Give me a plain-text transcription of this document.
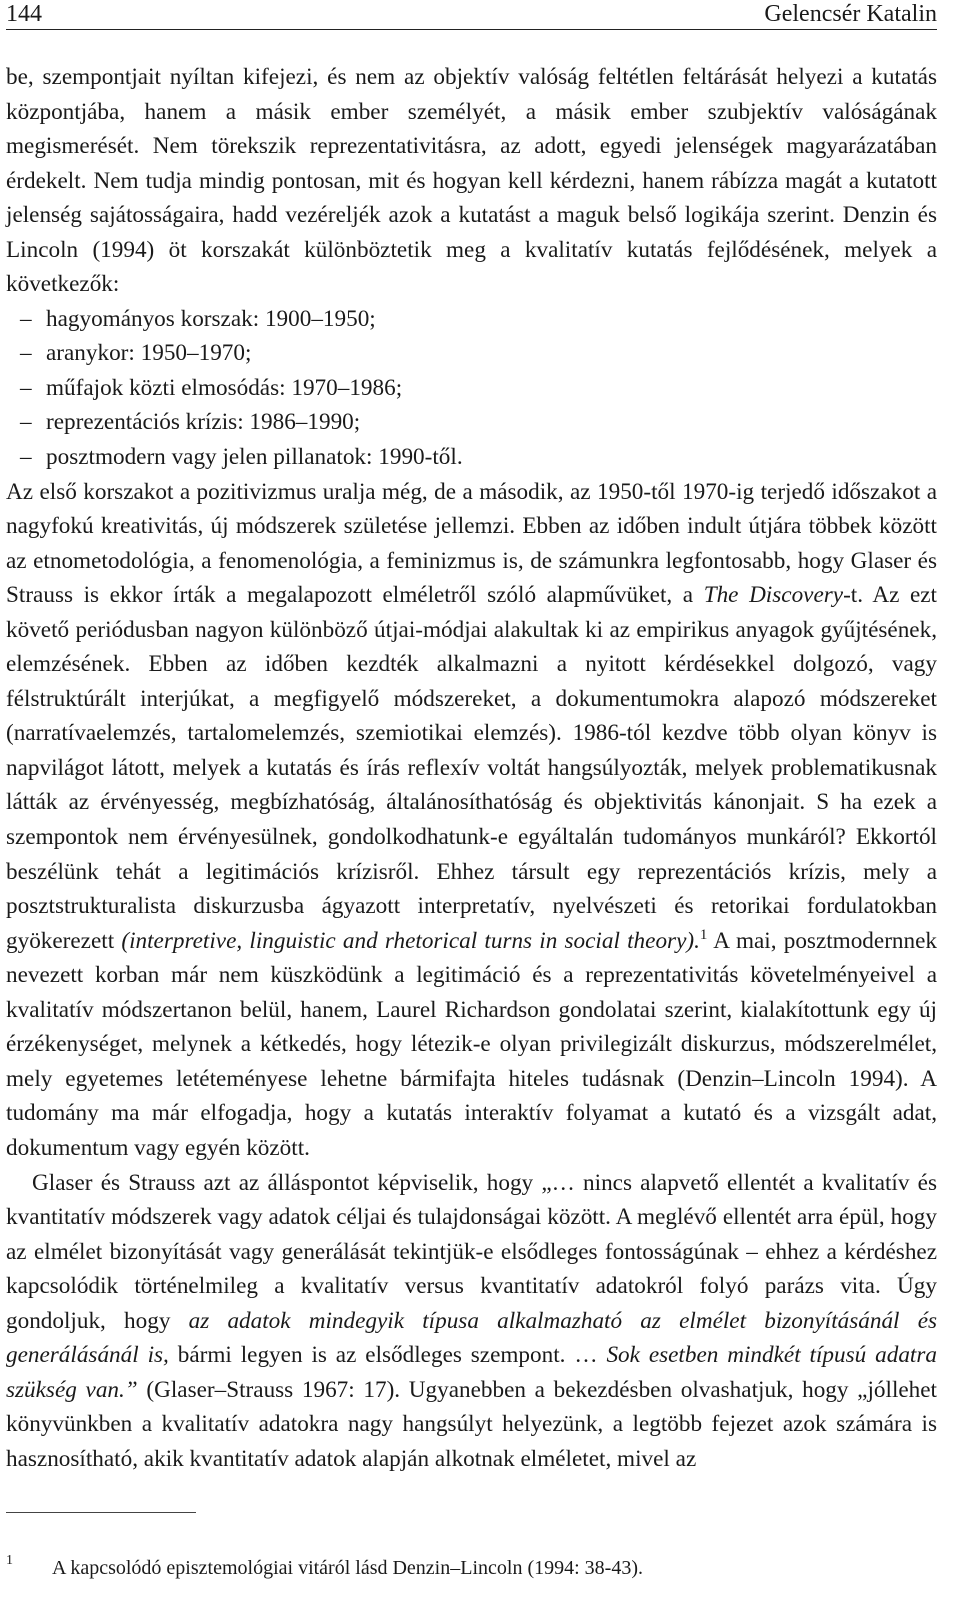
144	Gelencsér Katalin

be, szempontjait nyíltan kifejezi, és nem az objektív valóság feltétlen feltárását helyezi a kutatás központjába, hanem a másik ember személyét, a másik ember szubjektív valóságának megismerését. Nem törekszik reprezentativitásra, az adott, egyedi jelenségek magyarázatában érdekelt. Nem tudja mindig pontosan, mit és hogyan kell kérdezni, hanem rábízza magát a kutatott jelenség sajátosságaira, hadd vezéreljék azok a kutatást a maguk belső logikája szerint. Denzin és Lincoln (1994) öt korszakát különböztetik meg a kvalitatív kutatás fejlődésének, melyek a következők:

– hagyományos korszak: 1900–1950;
– aranykor: 1950–1970;
– műfajok közti elmosódás: 1970–1986;
– reprezentációs krízis: 1986–1990;
– posztmodern vagy jelen pillanatok: 1990-től.

Az első korszakot a pozitivizmus uralja még, de a második, az 1950-től 1970-ig terjedő időszakot a nagyfokú kreativitás, új módszerek születése jellemzi. Ebben az időben indult útjára többek között az etnometodológia, a fenomenológia, a feminizmus is, de számunkra legfontosabb, hogy Glaser és Strauss is ekkor írták a megalapozott elméletről szóló alapművüket, a The Discovery-t. Az ezt követő periódusban nagyon különböző útjai-módjai alakultak ki az empirikus anyagok gyűjtésének, elemzésének. Ebben az időben kezdték alkalmazni a nyitott kérdésekkel dolgozó, vagy félstruktúrált interjúkat, a megfigyelő módszereket, a dokumentumokra alapozó módszereket (narratívaelemzés, tartalomelemzés, szemiotikai elemzés). 1986-tól kezdve több olyan könyv is napvilágot látott, melyek a kutatás és írás reflexív voltát hangsúlyozták, melyek problematikusnak látták az érvényesség, megbízhatóság, általánosíthatóság és objektivitás kánonjait. S ha ezek a szempontok nem érvényesülnek, gondolkodhatunk-e egyáltalán tudományos munkáról? Ekkortól beszélünk tehát a legitimációs krízisről. Ehhez társult egy reprezentációs krízis, mely a posztstrukturalista diskurzusba ágyazott interpretatív, nyelvészeti és retorikai fordulatokban gyökerezett (interpretive, linguistic and rhetorical turns in social theory).$^1$ A mai, posztmodernnek nevezett korban már nem küszködünk a legitimáció és a reprezentativitás követelményeivel a kvalitatív módszertanon belül, hanem, Laurel Richardson gondolatai szerint, kialakítottunk egy új érzékenységet, melynek a kétkedés, hogy létezik-e olyan privilegizált diskurzus, módszerelmélet, mely egyetemes letéteményese lehetne bármifajta hiteles tudásnak (Denzin–Lincoln 1994). A tudomány ma már elfogadja, hogy a kutatás interaktív folyamat a kutató és a vizsgált adat, dokumentum vagy egyén között.

Glaser és Strauss azt az álláspontot képviselik, hogy „… nincs alapvető ellentét a kvalitatív és kvantitatív módszerek vagy adatok céljai és tulajdonságai között. A meglévő ellentét arra épül, hogy az elmélet bizonyítását vagy generálását tekintjük-e elsődleges fontosságúnak – ehhez a kérdéshez kapcsolódik történelmileg a kvalitatív versus kvantitatív adatokról folyó parázs vita. Úgy gondoljuk, hogy az adatok mindegyik típusa alkalmazható az elmélet bizonyításánál és generálásánál is, bármi legyen is az elsődleges szempont. … Sok esetben mindkét típusú adatra szükség van.” (Glaser–Strauss 1967: 17). Ugyanebben a bekezdésben olvashatjuk, hogy „jóllehet könyvünkben a kvalitatív adatokra nagy hangsúlyt helyezünk, a legtöbb fejezet azok számára is hasznosítható, akik kvantitatív adatok alapján alkotnak elméletet, mivel az

1 A kapcsolódó episztemológiai vitáról lásd Denzin–Lincoln (1994: 38-43).
